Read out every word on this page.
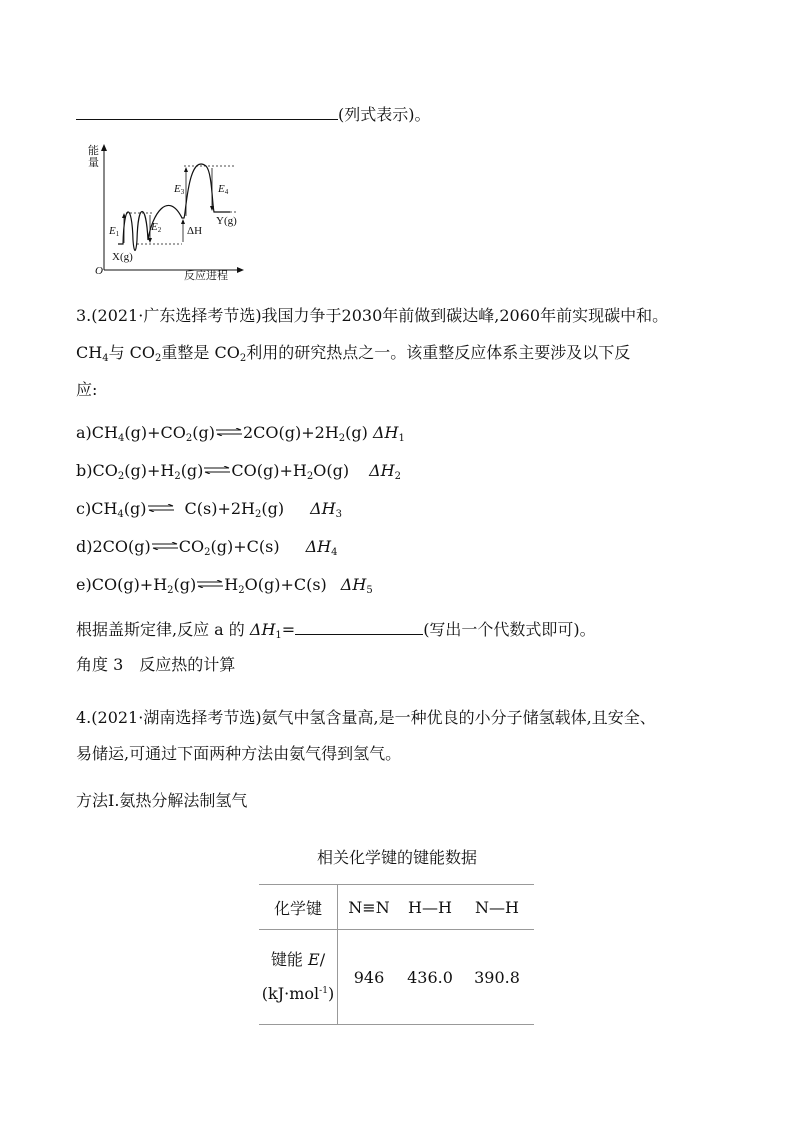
(列式表示)。
能量
O	反应进程
E1
E2
E3	E4
ΔH
X(g)
Y(g)
3.(2021·广东选择考节选)我国力争于2030年前做到碳达峰,2060年前实现碳中和。
$CH_4$与 $CO_2$重整是 $CO_2$利用的研究热点之一。该重整反应体系主要涉及以下反
应:
$a)CH_4(g)+CO_2(g)\rightleftharpoons 2CO(g)+2H_2(g)$ $\Delta H_1$
$b)CO_2(g)+H_2(g)\rightleftharpoons CO(g)+H_2O(g)$ $\Delta H_2$
$c)CH_4(g)\rightleftharpoons$ $C(s)+2H_2(g)$ $\Delta H_3$
$d)2CO(g)\rightleftharpoons CO_2(g)+C(s)$ $\Delta H_4$
$e)CO(g)+H_2(g)\rightleftharpoons H_2O(g)+C(s)$ $\Delta H_5$
根据盖斯定律,反应 a 的 $\Delta H_1=$	(写出一个代数式即可)。
角度 3　反应热的计算
4.(2021·湖南选择考节选)氨气中氢含量高,是一种优良的小分子储氢载体,且安全、
易储运,可通过下面两种方法由氨气得到氢气。
方法Ⅰ.氨热分解法制氢气
相关化学键的键能数据
化学键	N≡N	H—H	N—H

键能 E/
(kJ·mol$^{-1}$)	946	436.0	390.8
